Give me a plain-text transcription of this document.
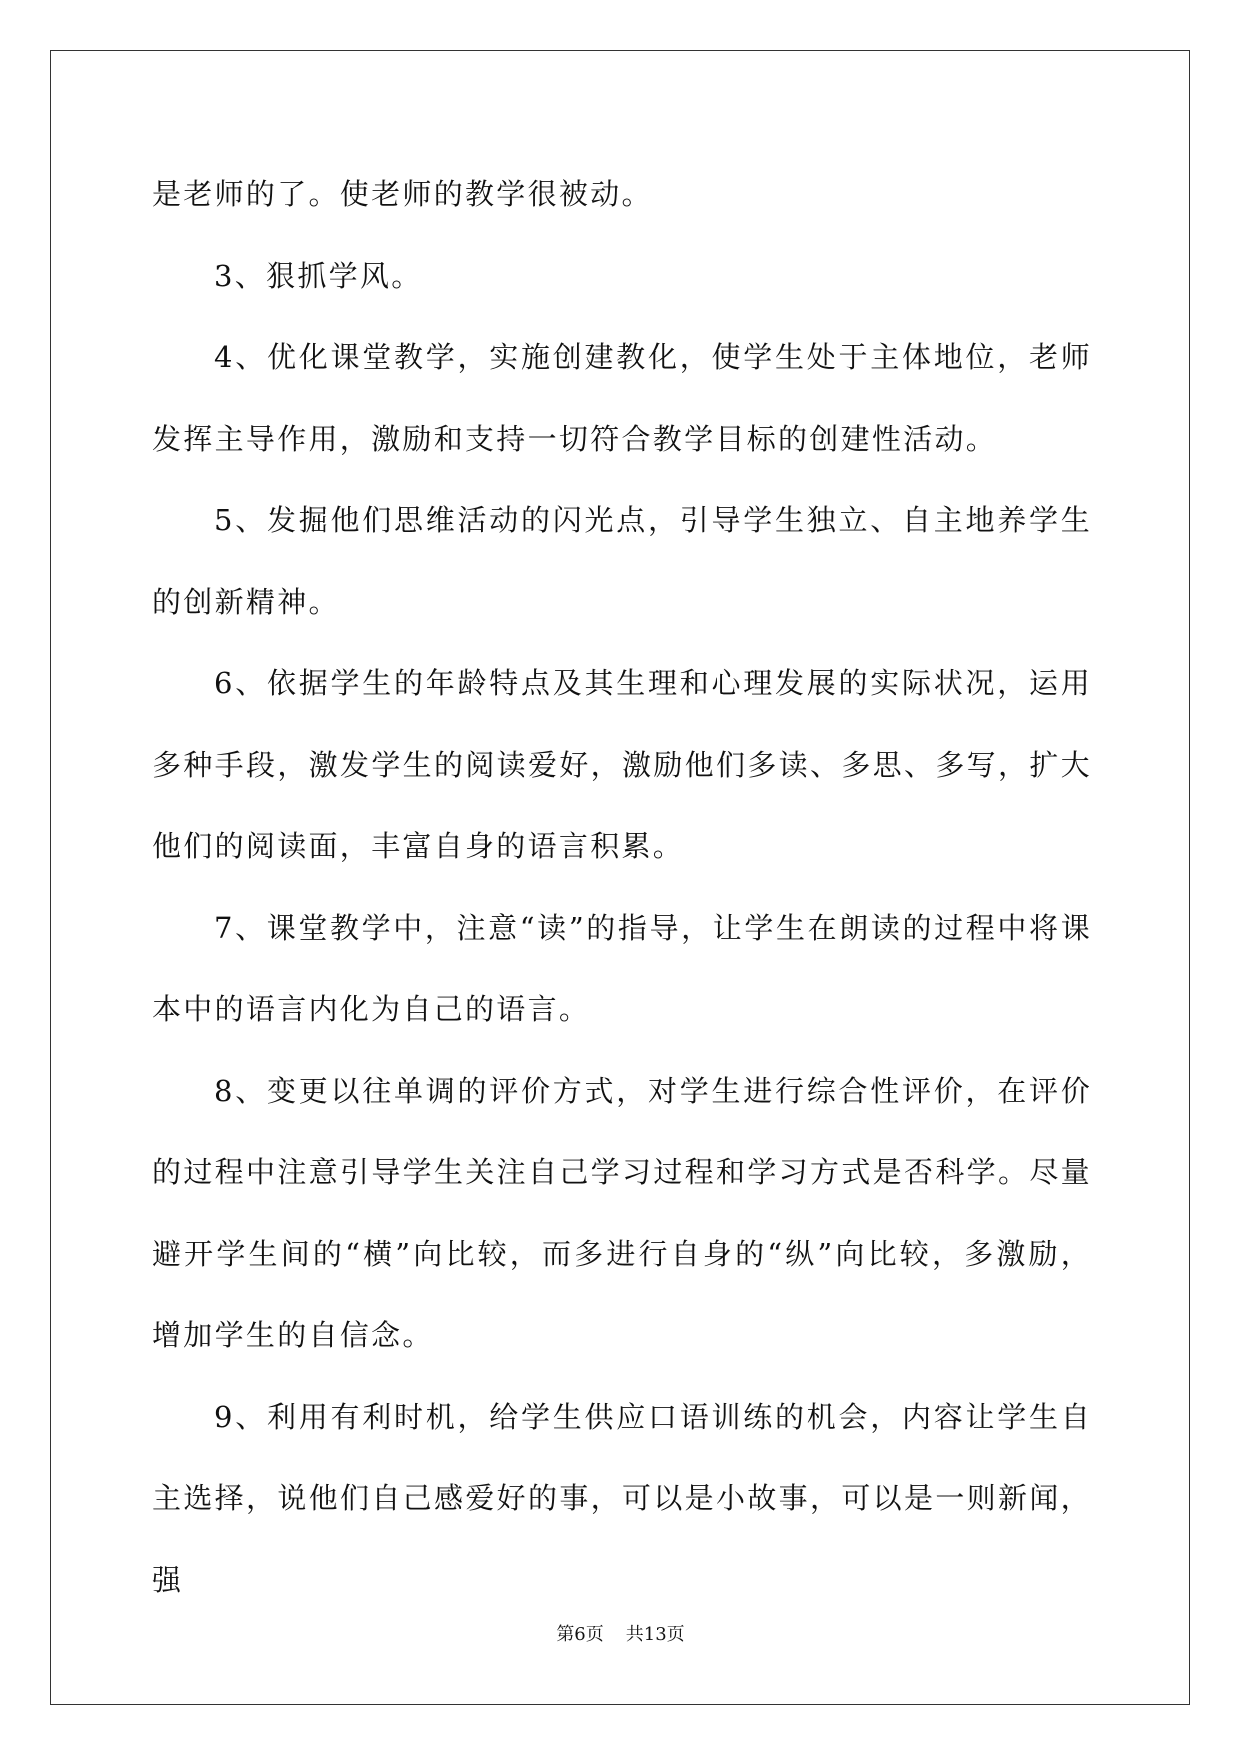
是老师的了。使老师的教学很被动。

3、狠抓学风。

4、优化课堂教学，实施创建教化，使学生处于主体地位，老师发挥主导作用，激励和支持一切符合教学目标的创建性活动。

5、发掘他们思维活动的闪光点，引导学生独立、自主地养学生的创新精神。

6、依据学生的年龄特点及其生理和心理发展的实际状况，运用多种手段，激发学生的阅读爱好，激励他们多读、多思、多写，扩大他们的阅读面，丰富自身的语言积累。

7、课堂教学中，注意“读”的指导，让学生在朗读的过程中将课本中的语言内化为自己的语言。

8、变更以往单调的评价方式，对学生进行综合性评价，在评价的过程中注意引导学生关注自己学习过程和学习方式是否科学。尽量避开学生间的“横”向比较，而多进行自身的“纵”向比较，多激励，增加学生的自信念。

9、利用有利时机，给学生供应口语训练的机会，内容让学生自主选择，说他们自己感爱好的事，可以是小故事，可以是一则新闻，强

第6页 共13页
